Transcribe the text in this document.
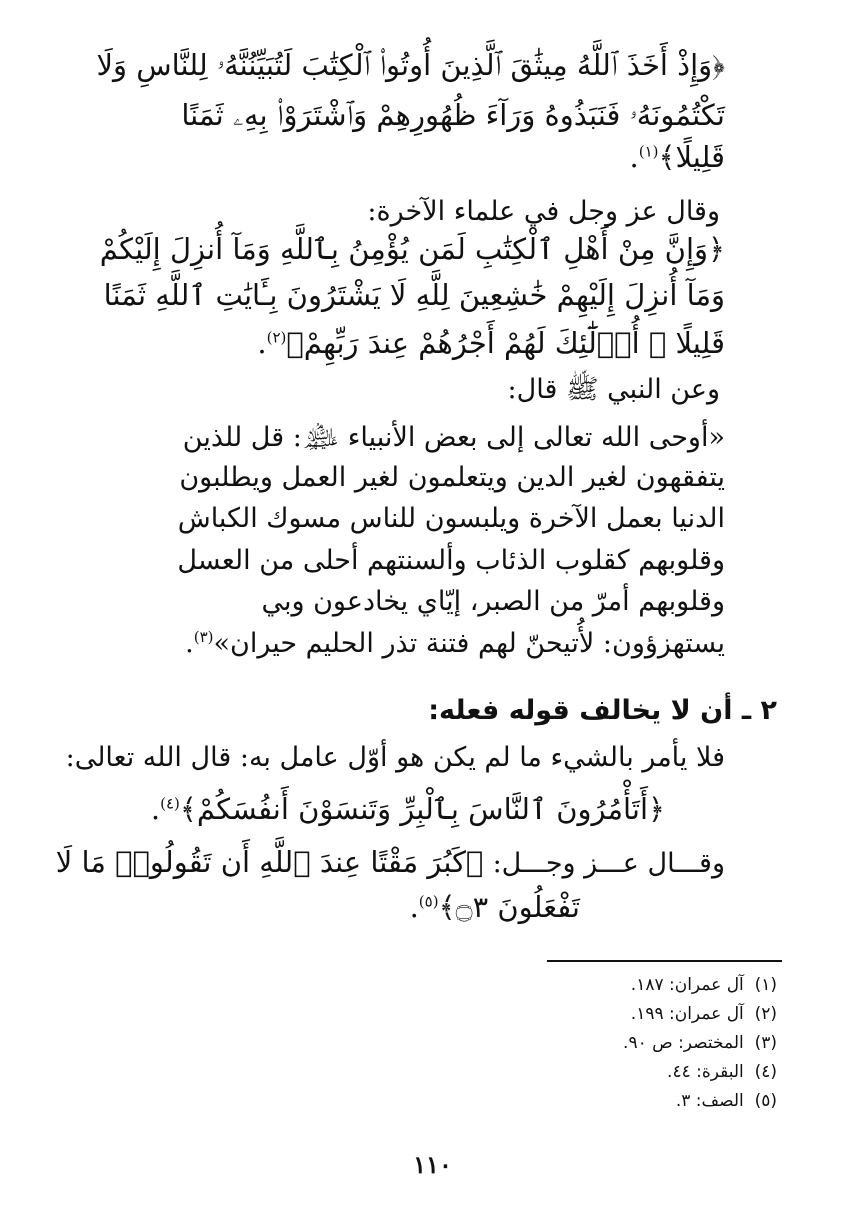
﴿وَإِذْ أَخَذَ ٱللَّهُ مِيثَٰقَ ٱلَّذِينَ أُوتُوا۟ ٱلْكِتَٰبَ لَتُبَيِّنُنَّهُۥ لِلنَّاسِ وَلَا
تَكْتُمُونَهُۥ فَنَبَذُوهُ وَرَآءَ ظُهُورِهِمْ وَٱشْتَرَوْا۟ بِهِۦ ثَمَنًا
قَلِيلًا﴾$^{(١)}$.
وقال عز وجل في علماء الآخرة:
﴿وَإِنَّ مِنْ أَهْلِ ٱلْكِتَٰبِ لَمَن يُؤْمِنُ بِٱللَّهِ وَمَآ أُنزِلَ إِلَيْكُمْ
وَمَآ أُنزِلَ إِلَيْهِمْ خَٰشِعِينَ لِلَّهِ لَا يَشْتَرُونَ بِـَٔايَٰتِ ٱللَّهِ ثَمَنًا
قَلِيلًا ۗ أُو۟لَٰٓئِكَ لَهُمْ أَجْرُهُمْ عِندَ رَبِّهِمْ﴾$^{(٢)}$.
وعن النبي ﷺ قال:
«أوحى الله تعالى إلى بعض الأنبياء ﵈: قل للذين
يتفقهون لغير الدين ويتعلمون لغير العمل ويطلبون
الدنيا بعمل الآخرة ويلبسون للناس مسوك الكباش
وقلوبهم كقلوب الذئاب وألسنتهم أحلى من العسل
وقلوبهم أمرّ من الصبر، إيّاي يخادعون وبي
يستهزؤون: لأُتيحنّ لهم فتنة تذر الحليم حيران»$^{(٣)}$.
٢ ـ أن لا يخالف قوله فعله:
فلا يأمر بالشيء ما لم يكن هو أوّل عامل به: قال الله تعالى:
﴿أَتَأْمُرُونَ ٱلنَّاسَ بِٱلْبِرِّ وَتَنسَوْنَ أَنفُسَكُمْ﴾$^{(٤)}$.
وقـــال عـــز وجـــل: ﴿كَبُرَ مَقْتًا عِندَ ٱللَّهِ أَن تَقُولُوا۟ مَا لَا
تَفْعَلُونَ ۝٣﴾$^{(٥)}$.
(١)  آل عمران: ١٨٧.
(٢)  آل عمران: ١٩٩.
(٣)  المختصر: ص ٩٠.
(٤)  البقرة: ٤٤.
(٥)  الصف: ٣.
١١٠
